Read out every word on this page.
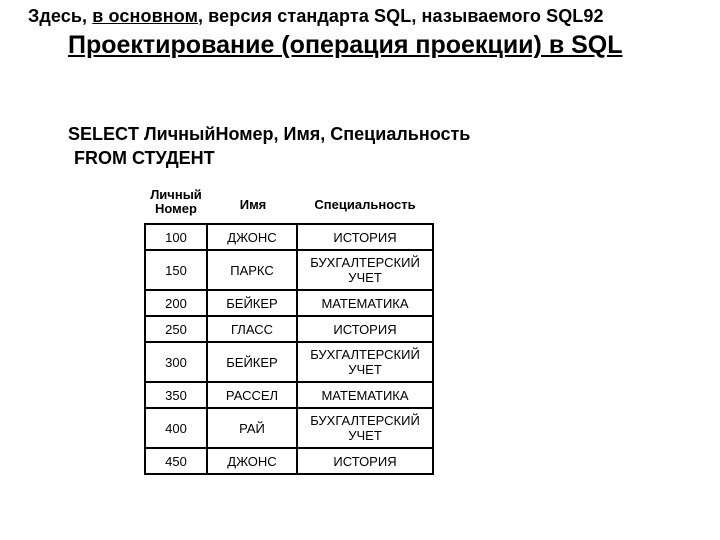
Здесь, в основном, версия стандарта SQL, называемого SQL92
Проектирование (операция проекции) в SQL
SELECT ЛичныйНомер, Имя, Специальность
FROM СТУДЕНТ
Личный
Номер	Имя	Специальность
100	ДЖОНС	ИСТОРИЯ
150	ПАРКС	БУХГАЛТЕРСКИЙ УЧЕТ
200	БЕЙКЕР	МАТЕМАТИКА
250	ГЛАСС	ИСТОРИЯ
300	БЕЙКЕР	БУХГАЛТЕРСКИЙ УЧЕТ
350	РАССЕЛ	МАТЕМАТИКА
400	РАЙ	БУХГАЛТЕРСКИЙ УЧЕТ
450	ДЖОНС	ИСТОРИЯ
